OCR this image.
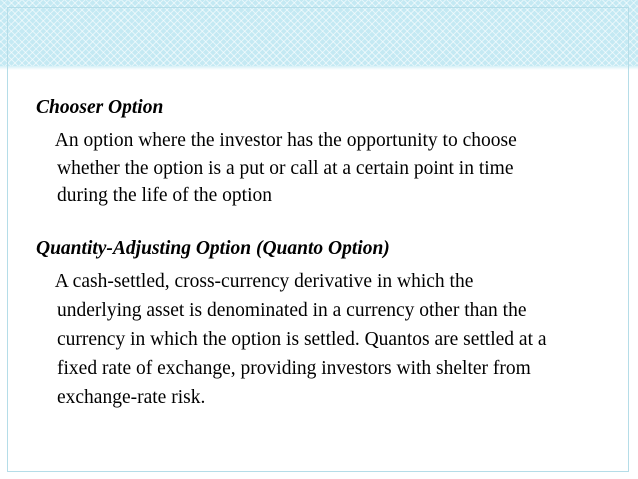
Chooser Option
An option where the investor has the opportunity to choose
whether the option is a put or call at a certain point in time
during the life of the option
Quantity-Adjusting Option (Quanto Option)
A cash-settled, cross-currency derivative in which the
underlying asset is denominated in a currency other than the
currency in which the option is settled. Quantos are settled at a
fixed rate of exchange, providing investors with shelter from
exchange-rate risk.
